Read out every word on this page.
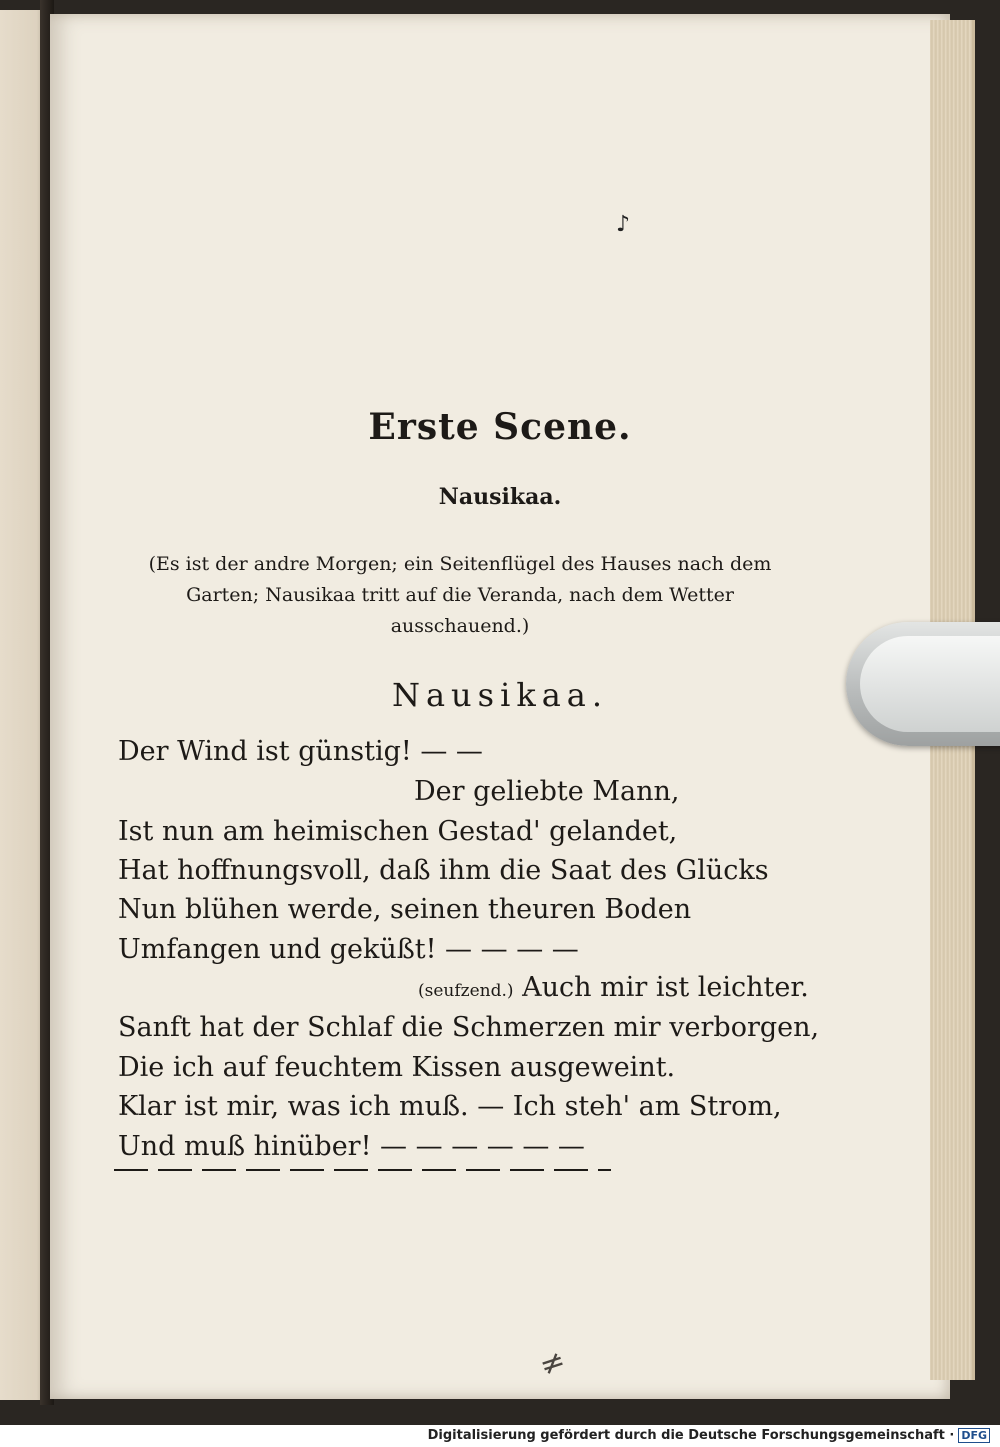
♪
Erste Scene.
Nausikaa.
(Es ist der andre Morgen; ein Seitenflügel des Hauses nach dem Garten; Nausikaa tritt auf die Veranda, nach dem Wetter ausschauend.)
Nausikaa.
Der Wind ist günstig! — —
Der geliebte Mann,
Ist nun am heimischen Gestad' gelandet,
Hat hoffnungsvoll, daß ihm die Saat des Glücks
Nun blühen werde, seinen theuren Boden
Umfangen und geküßt! — — — —
(seufzend.) Auch mir ist leichter.
Sanft hat der Schlaf die Schmerzen mir verborgen,
Die ich auf feuchtem Kissen ausgeweint.
Klar ist mir, was ich muß. — Ich steh' am Strom,
Und muß hinüber! — — — — — —
≠
Digitalisierung gefördert durch die Deutsche Forschungsgemeinschaft · DFG
